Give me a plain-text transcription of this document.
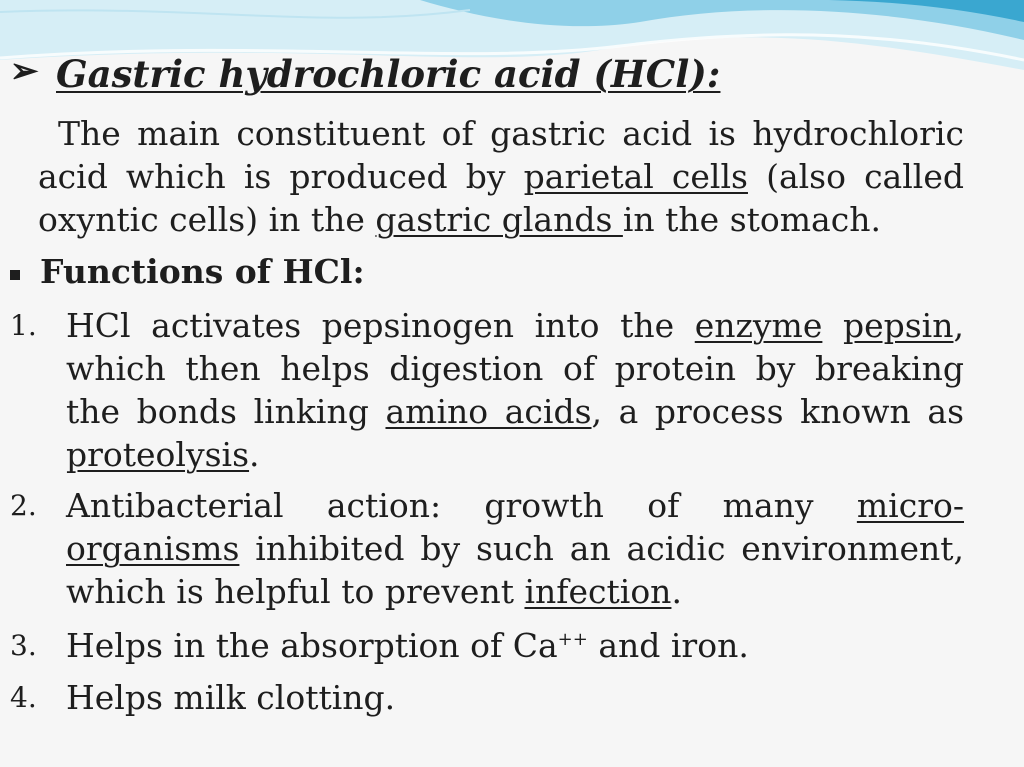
➢ Gastric hydrochloric acid (HCl):
The main constituent of gastric acid is hydrochloric acid which is produced by parietal cells (also called oxyntic cells) in the gastric glands in the stomach.
Functions of HCl:
1. HCl activates pepsinogen into the enzyme pepsin, which then helps digestion of protein by breaking the bonds linking amino acids, a process known as proteolysis.
2. Antibacterial action: growth of many micro-organisms inhibited by such an acidic environment, which is helpful to prevent infection.
3. Helps in the absorption of Ca++ and iron.
4. Helps milk clotting.
